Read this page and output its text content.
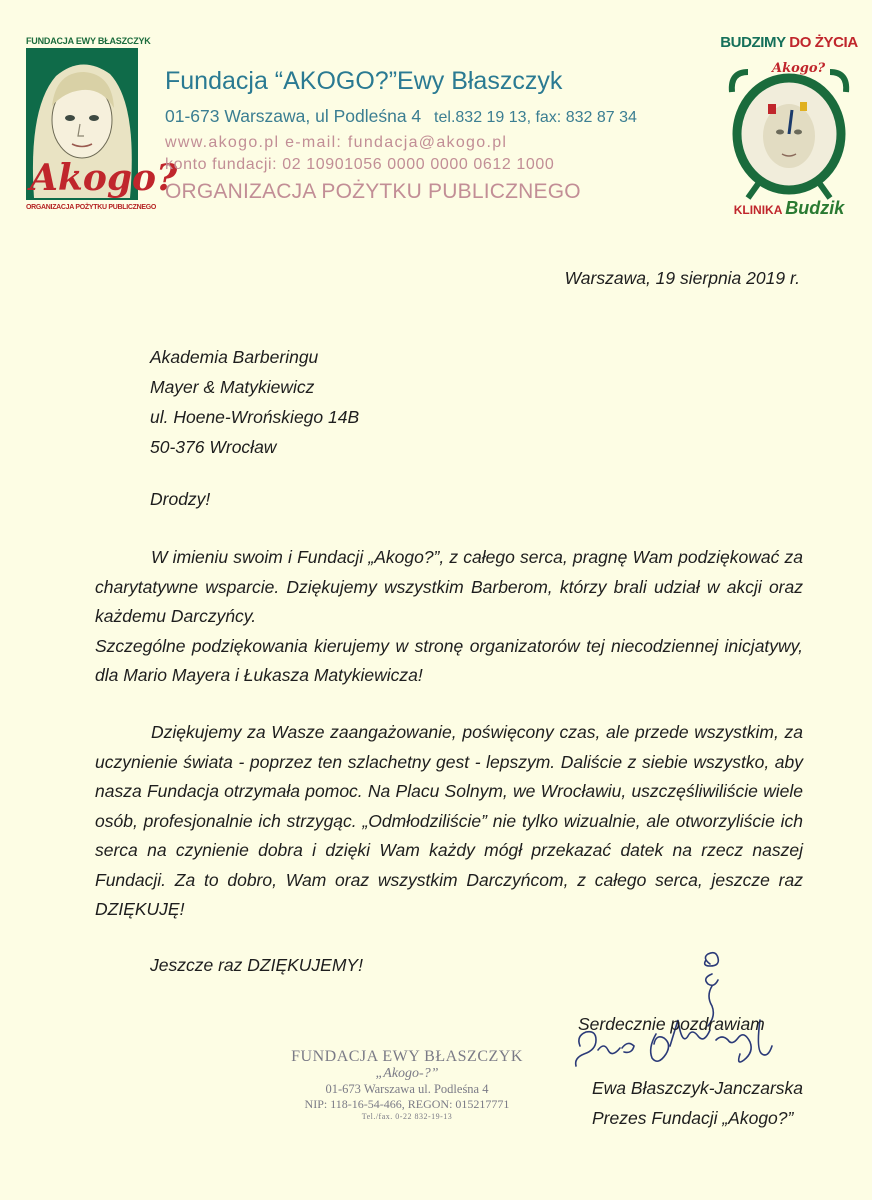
FUNDACJA EWY BŁASZCZYK
Akogo?
ORGANIZACJA POŻYTKU PUBLICZNEGO
Fundacja “AKOGO?”Ewy Błaszczyk
01-673 Warszawa, ul Podleśna 4 tel.832 19 13, fax: 832 87 34
www.akogo.pl e-mail: fundacja@akogo.pl
konto fundacji: 02 10901056 0000 0000 0612 1000
ORGANIZACJA POŻYTKU PUBLICZNEGO
BUDZIMY DO ŻYCIA
Akogo?
KLINIKA Budzik
Warszawa, 19 sierpnia 2019 r.
Akademia Barberingu
Mayer & Matykiewicz
ul. Hoene-Wrońskiego 14B
50-376 Wrocław
Drodzy!

W imieniu swoim i Fundacji „Akogo?”, z całego serca, pragnę Wam podziękować za charytatywne wsparcie. Dziękujemy wszystkim Barberom, którzy brali udział w akcji oraz każdemu Darczyńcy.

Szczególne podziękowania kierujemy w stronę organizatorów tej niecodziennej inicjatywy, dla Mario Mayera i Łukasza Matykiewicza!

Dziękujemy za Wasze zaangażowanie, poświęcony czas, ale przede wszystkim, za uczynienie świata - poprzez ten szlachetny gest - lepszym. Daliście z siebie wszystko, aby nasza Fundacja otrzymała pomoc. Na Placu Solnym, we Wrocławiu, uszczęśliwiliście wiele osób, profesjonalnie ich strzygąc. „Odmłodziliście” nie tylko wizualnie, ale otworzyliście ich serca na czynienie dobra i dzięki Wam każdy mógł przekazać datek na rzecz naszej Fundacji. Za to dobro, Wam oraz wszystkim Darczyńcom, z całego serca, jeszcze raz DZIĘKUJĘ!

Jeszcze raz DZIĘKUJEMY!
Serdecznie pozdrawiam
Ewa Błaszczyk-Janczarska
Prezes Fundacji „Akogo?”
FUNDACJA EWY BŁASZCZYK
„Akogo-?”
01-673 Warszawa ul. Podleśna 4
NIP: 118-16-54-466, REGON: 015217771
Tel./fax. 0-22 832-19-13
